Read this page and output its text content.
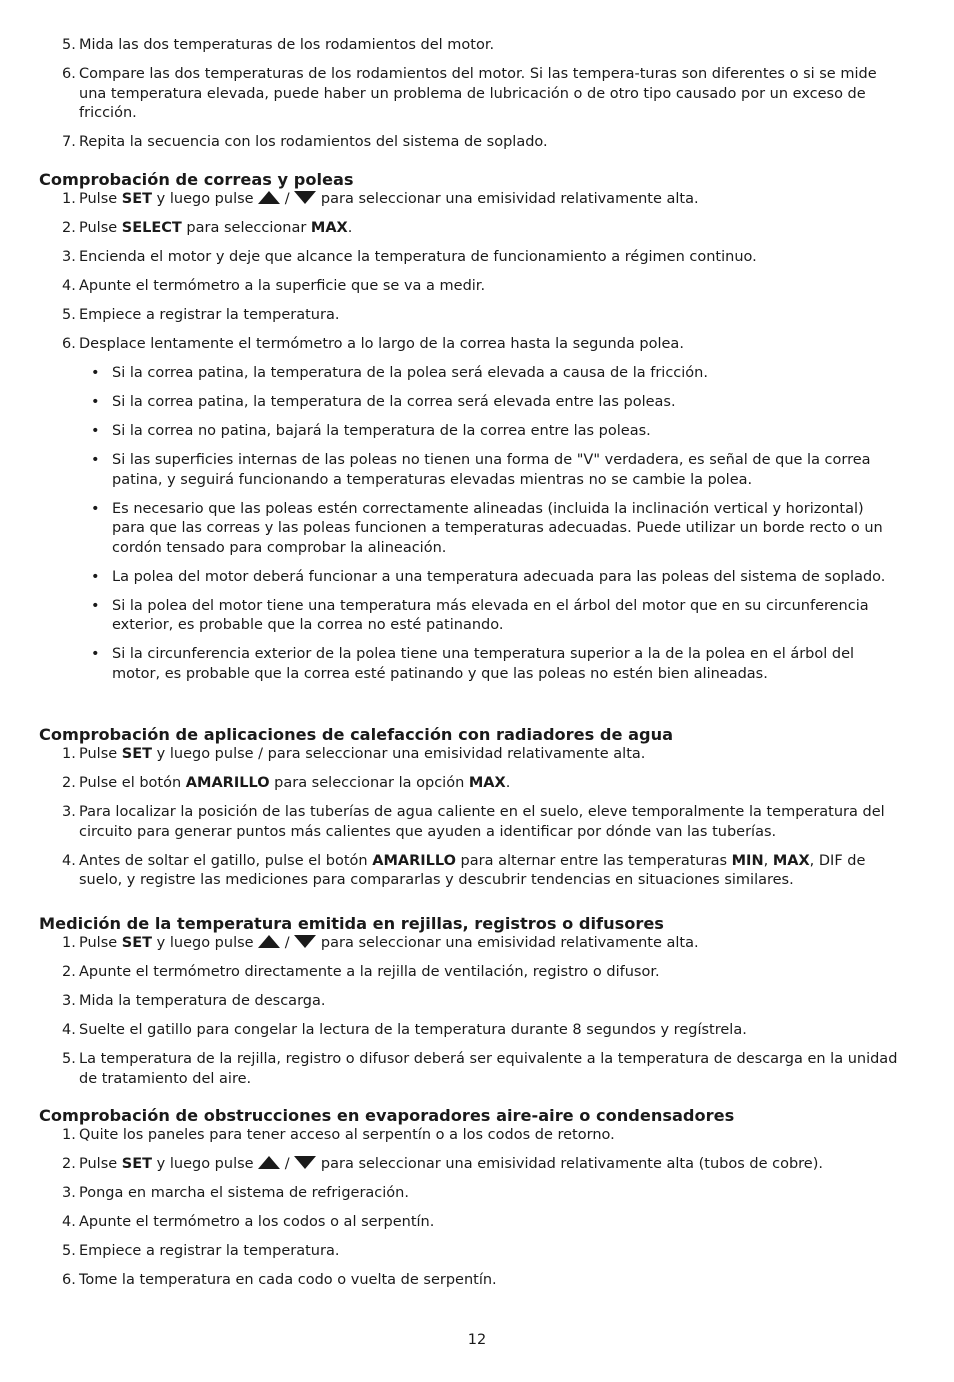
5. Mida las dos temperaturas de los rodamientos del motor.
6. Compare las dos temperaturas de los rodamientos del motor. Si las tempera-turas son diferentes o si se mide una temperatura elevada, puede haber un problema de lubricación o de otro tipo causado por un exceso de fricción.
7. Repita la secuencia con los rodamientos del sistema de soplado.
Comprobación de correas y poleas
1. Pulse SET y luego pulse  /  para seleccionar una emisividad relativamente alta.
2. Pulse SELECT para seleccionar MAX.
3. Encienda el motor y deje que alcance la temperatura de funcionamiento a régimen continuo.
4. Apunte el termómetro a la superficie que se va a medir.
5. Empiece a registrar la temperatura.
6. Desplace lentamente el termómetro a lo largo de la correa hasta la segunda polea.
• Si la correa patina, la temperatura de la polea será elevada a causa de la fricción.
• Si la correa patina, la temperatura de la correa será elevada entre las poleas.
• Si la correa no patina, bajará la temperatura de la correa entre las poleas.
• Si las superficies internas de las poleas no tienen una forma de "V" verdadera, es señal de que la correa patina, y seguirá funcionando a temperaturas elevadas mientras no se cambie la polea.
• Es necesario que las poleas estén correctamente alineadas (incluida la inclinación vertical y horizontal) para que las correas y las poleas funcionen a temperaturas adecuadas. Puede utilizar un borde recto o un cordón tensado para comprobar la alineación.
• La polea del motor deberá funcionar a una temperatura adecuada para las poleas del sistema de soplado.
• Si la polea del motor tiene una temperatura más elevada en el árbol del motor que en su circunferencia exterior, es probable que la correa no esté patinando.
• Si la circunferencia exterior de la polea tiene una temperatura superior a la de la polea en el árbol del motor, es probable que la correa esté patinando y que las poleas no estén bien alineadas.
Comprobación de aplicaciones de calefacción con radiadores de agua
1. Pulse SET y luego pulse / para seleccionar una emisividad relativamente alta.
2. Pulse el botón AMARILLO para seleccionar la opción MAX.
3. Para localizar la posición de las tuberías de agua caliente en el suelo, eleve temporalmente la temperatura del circuito para generar puntos más calientes que ayuden a identificar por dónde van las tuberías.
4. Antes de soltar el gatillo, pulse el botón AMARILLO para alternar entre las temperaturas MIN, MAX, DIF de suelo, y registre las mediciones para compararlas y descubrir tendencias en situaciones similares.
Medición de la temperatura emitida en rejillas, registros o difusores
1. Pulse SET y luego pulse  /  para seleccionar una emisividad relativamente alta.
2. Apunte el termómetro directamente a la rejilla de ventilación, registro o difusor.
3. Mida la temperatura de descarga.
4. Suelte el gatillo para congelar la lectura de la temperatura durante 8 segundos y regístrela.
5. La temperatura de la rejilla, registro o difusor deberá ser equivalente a la temperatura de descarga en la unidad de tratamiento del aire.
Comprobación de obstrucciones en evaporadores aire-aire o condensadores
1. Quite los paneles para tener acceso al serpentín o a los codos de retorno.
2. Pulse SET y luego pulse  /  para seleccionar una emisividad relativamente alta (tubos de cobre).
3. Ponga en marcha el sistema de refrigeración.
4. Apunte el termómetro a los codos o al serpentín.
5. Empiece a registrar la temperatura.
6. Tome la temperatura en cada codo o vuelta de serpentín.
12
